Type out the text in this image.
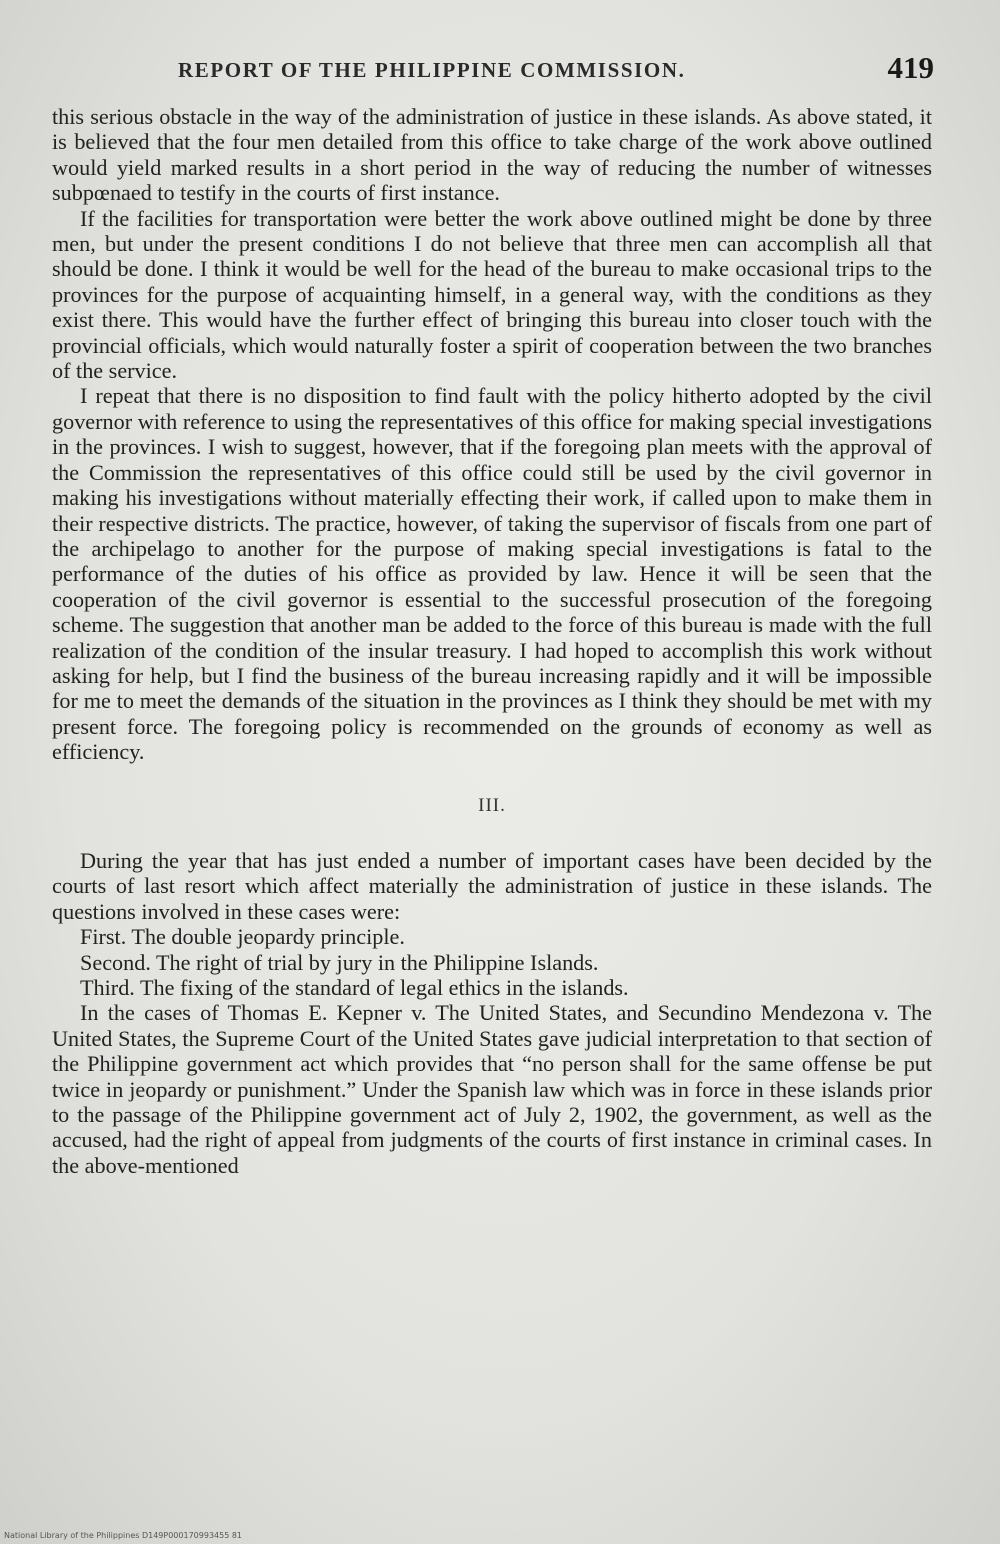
REPORT OF THE PHILIPPINE COMMISSION.	419

this serious obstacle in the way of the administration of justice in these islands. As above stated, it is believed that the four men detailed from this office to take charge of the work above outlined would yield marked results in a short period in the way of reducing the number of witnesses subpœnaed to testify in the courts of first instance.

If the facilities for transportation were better the work above outlined might be done by three men, but under the present conditions I do not believe that three men can accomplish all that should be done. I think it would be well for the head of the bureau to make occasional trips to the provinces for the purpose of acquainting himself, in a general way, with the conditions as they exist there. This would have the further effect of bringing this bureau into closer touch with the provincial officials, which would naturally foster a spirit of cooperation between the two branches of the service.

I repeat that there is no disposition to find fault with the policy hitherto adopted by the civil governor with reference to using the representatives of this office for making special investigations in the provinces. I wish to suggest, however, that if the foregoing plan meets with the approval of the Commission the representatives of this office could still be used by the civil governor in making his investigations without materially effecting their work, if called upon to make them in their respective districts. The practice, however, of taking the supervisor of fiscals from one part of the archipelago to another for the purpose of making special investigations is fatal to the performance of the duties of his office as provided by law. Hence it will be seen that the cooperation of the civil governor is essential to the successful prosecution of the foregoing scheme. The suggestion that another man be added to the force of this bureau is made with the full realization of the condition of the insular treasury. I had hoped to accomplish this work without asking for help, but I find the business of the bureau increasing rapidly and it will be impossible for me to meet the demands of the situation in the provinces as I think they should be met with my present force. The foregoing policy is recommended on the grounds of economy as well as efficiency.

III.

During the year that has just ended a number of important cases have been decided by the courts of last resort which affect materially the administration of justice in these islands. The questions involved in these cases were:

First. The double jeopardy principle.

Second. The right of trial by jury in the Philippine Islands.

Third. The fixing of the standard of legal ethics in the islands.

In the cases of Thomas E. Kepner v. The United States, and Secundino Mendezona v. The United States, the Supreme Court of the United States gave judicial interpretation to that section of the Philippine government act which provides that “no person shall for the same offense be put twice in jeopardy or punishment.” Under the Spanish law which was in force in these islands prior to the passage of the Philippine government act of July 2, 1902, the government, as well as the accused, had the right of appeal from judgments of the courts of first instance in criminal cases. In the above-mentioned

National Library of the Philippines D149P000170993455 81
